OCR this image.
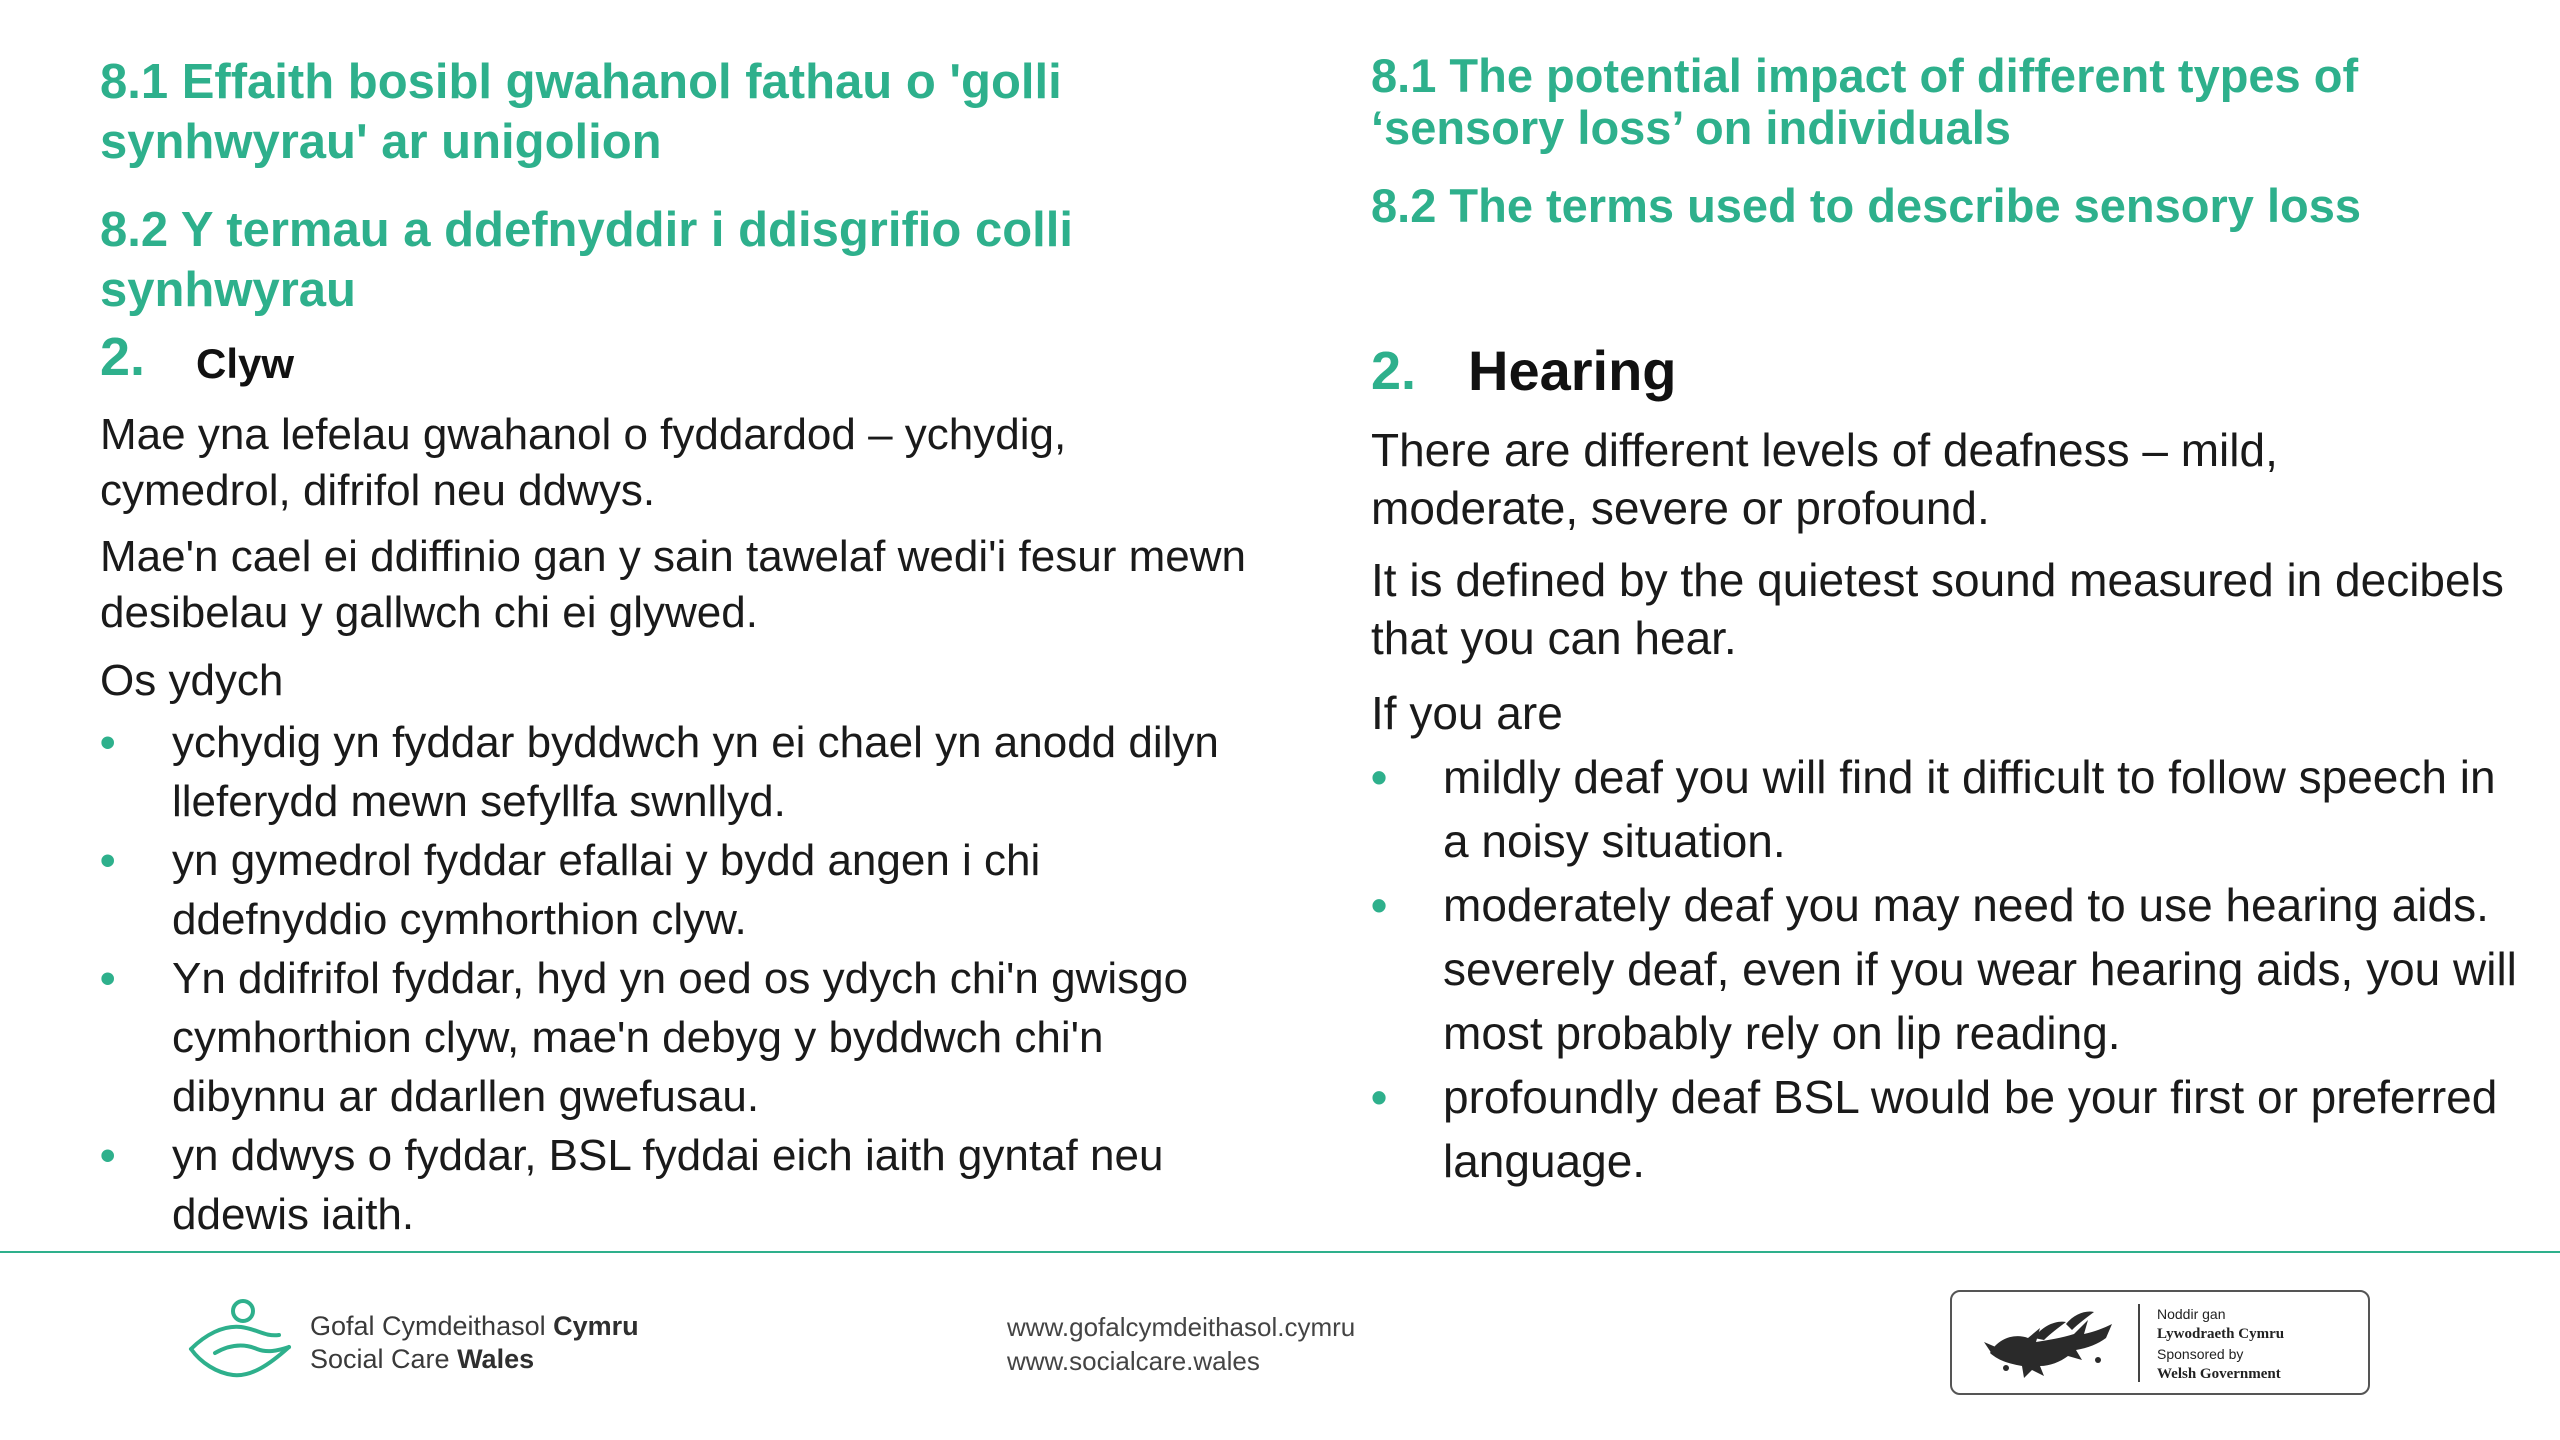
8.1 Effaith bosibl gwahanol fathau o 'golli synhwyrau' ar unigolion
8.2 Y termau a ddefnyddir i ddisgrifio colli synhwyrau
2. Clyw

Mae yna lefelau gwahanol o fyddardod – ychydig, cymedrol, difrifol neu ddwys.

Mae'n cael ei ddiffinio gan y sain tawelaf wedi'i fesur mewn desibelau y gallwch chi ei glywed.

Os ydych

• ychydig yn fyddar byddwch yn ei chael yn anodd dilyn lleferydd mewn sefyllfa swnllyd.
• yn gymedrol fyddar efallai y bydd angen i chi ddefnyddio cymhorthion clyw.
• Yn ddifrifol fyddar, hyd yn oed os ydych chi'n gwisgo cymhorthion clyw, mae'n debyg y byddwch chi'n dibynnu ar ddarllen gwefusau.
• yn ddwys o fyddar, BSL fyddai eich iaith gyntaf neu ddewis iaith.
8.1 The potential impact of different types of ‘sensory loss’ on individuals
8.2 The terms used to describe sensory loss
2. Hearing

There are different levels of deafness – mild, moderate, severe or profound.

It is defined by the quietest sound measured in decibels that you can hear.

If you are

• mildly deaf you will find it difficult to follow speech in a noisy situation.
• moderately deaf you may need to use hearing aids. severely deaf, even if you wear hearing aids, you will most probably rely on lip reading.
• profoundly deaf BSL would be your first or preferred language.
Gofal Cymdeithasol Cymru
Social Care Wales
www.gofalcymdeithasol.cymru
www.socialcare.wales
Noddir gan
Lywodraeth Cymru
Sponsored by
Welsh Government
